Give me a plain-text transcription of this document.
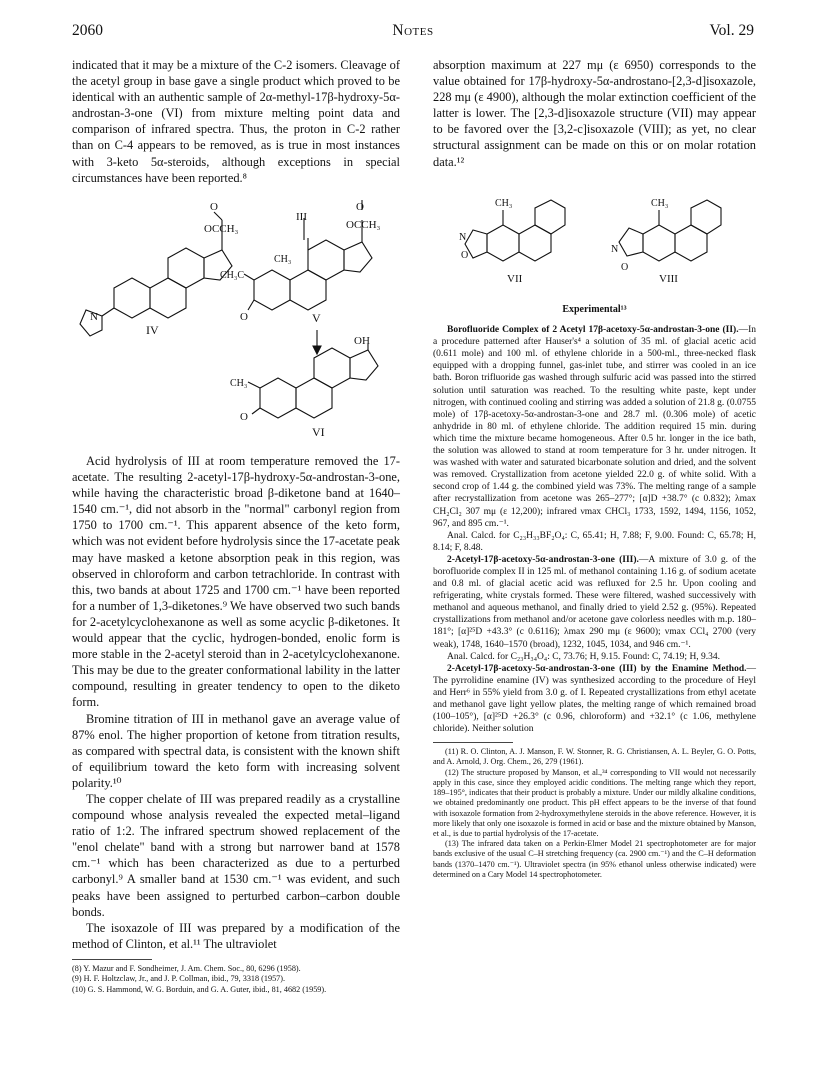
2060	Notes	Vol. 29

indicated that it may be a mixture of the C-2 isomers. Cleavage of the acetyl group in base gave a single product which proved to be identical with an authentic sample of 2α-methyl-17β-hydroxy-5α-androstan-3-one (VI) from mixture melting point data and comparison of infrared spectra. Thus, the proton in C-2 rather than on C-4 appears to be removed, as is true in most instances with 3-keto 5α-steroids, although exceptions in special circumstances have been reported.⁸

N
O
OCCH₃
IV
III
O
OCCH₃
CH₃
CH₃C
O	V
OH
CH₃
O
VI

Acid hydrolysis of III at room temperature removed the 17-acetate. The resulting 2-acetyl-17β-hydroxy-5α-androstan-3-one, while having the characteristic broad β-diketone band at 1640–1540 cm.⁻¹, did not absorb in the "normal" carbonyl region from 1750 to 1700 cm.⁻¹. This apparent absence of the keto form, which was not evident before hydrolysis since the 17-acetate peak may have masked a ketone absorption peak in this region, was observed in chloroform and carbon tetrachloride. In contrast with this, two bands at about 1725 and 1700 cm.⁻¹ have been reported for a number of 1,3-diketones.⁹ We have observed two such bands for 2-acetylcyclohexanone as well as some acyclic β-diketones. It would appear that the cyclic, hydrogen-bonded, enolic form is more stable in the 2-acetyl steroid than in 2-acetylcyclohexanone. This may be due to the greater conformational lability in the latter compound, resulting in greater tendency to open to the diketo form.

Bromine titration of III in methanol gave an average value of 87% enol. The higher proportion of ketone from titration results, as compared with spectral data, is consistent with the known shift of equilibrium toward the keto form with increasing solvent polarity.¹⁰

The copper chelate of III was prepared readily as a crystalline compound whose analysis revealed the expected metal–ligand ratio of 1:2. The infrared spectrum showed replacement of the "enol chelate" band with a strong but narrower band at 1578 cm.⁻¹ which has been characterized as due to a perturbed carbonyl.⁹ A smaller band at 1530 cm.⁻¹ was evident, and such peaks have been assigned to perturbed carbon–carbon double bonds.

The isoxazole of III was prepared by a modification of the method of Clinton, et al.¹¹ The ultraviolet

(8) Y. Mazur and F. Sondheimer, J. Am. Chem. Soc., 80, 6296 (1958).

(9) H. F. Holtzclaw, Jr., and J. P. Collman, ibid., 79, 3318 (1957).

(10) G. S. Hammond, W. G. Borduin, and G. A. Guter, ibid., 81, 4682 (1959).

absorption maximum at 227 mμ (ε 6950) corresponds to the value obtained for 17β-hydroxy-5α-androstano-[2,3-d]isoxazole, 228 mμ (ε 4900), although the molar extinction coefficient of the latter is lower. The [2,3-d]isoxazole structure (VII) may appear to be favored over the [3,2-c]isoxazole (VIII); as yet, no clear structural assignment can be made on this or on molar rotation data.¹²

CH₃
N
O
VII
CH₃
N
O
VIII
Experimental¹³

Borofluoride Complex of 2 Acetyl 17β-acetoxy-5α-androstan-3-one (II).—In a procedure patterned after Hauser's⁴ a solution of 35 ml. of glacial acetic acid (0.611 mole) and 100 ml. of ethylene chloride in a 500-ml., three-necked flask equipped with a dropping funnel, gas-inlet tube, and stirrer was cooled in an ice bath. Boron trifluoride gas washed through sulfuric acid was passed into the stirred solution until saturation was reached. To the resulting white paste, kept under nitrogen, with continued cooling and stirring was added a solution of 21.8 g. (0.0755 mole) of 17β-acetoxy-5α-androstan-3-one and 28.7 ml. (0.306 mole) of acetic anhydride in 80 ml. of ethylene chloride. The addition required 15 min. during which time the mixture became homogeneous. After 0.5 hr. longer in the ice bath, the solution was allowed to stand at room temperature for 3 hr. under nitrogen. It was washed with water and saturated bicarbonate solution and dried, and the solvent was removed. Crystallization from acetone yielded 22.0 g. of white solid. With a second crop of 1.44 g. the combined yield was 73%. The melting range of a sample after recrystallization from acetone was 265–277°; [α]D +38.7° (c 0.832); λmax CH₂Cl₂ 307 mμ (ε 12,200); infrared νmax CHCl₃ 1733, 1592, 1494, 1156, 1052, 967, and 895 cm.⁻¹.

Anal. Calcd. for C₂₃H₃₃BF₂O₄: C, 65.41; H, 7.88; F, 9.00. Found: C, 65.78; H, 8.14; F, 8.48.

2-Acetyl-17β-acetoxy-5α-androstan-3-one (III).—A mixture of 3.0 g. of the borofluoride complex II in 125 ml. of methanol containing 1.16 g. of sodium acetate and 0.8 ml. of glacial acetic acid was refluxed for 2.5 hr. Upon cooling and refrigerating, white crystals formed. These were filtered, washed successively with methanol and aqueous methanol, and finally dried to yield 2.52 g. (95%). Repeated crystallizations from methanol and/or acetone gave colorless needles with m.p. 180–181°; [α]²⁵D +43.3° (c 0.6116); λmax 290 mμ (ε 9600); νmax CCl₄ 2700 (very weak), 1748, 1640–1570 (broad), 1232, 1045, 1034, and 946 cm.⁻¹.

Anal. Calcd. for C₂₃H₃₄O₄: C, 73.76; H, 9.15. Found: C, 74.19; H, 9.34.

2-Acetyl-17β-acetoxy-5α-androstan-3-one (III) by the Enamine Method.—The pyrrolidine enamine (IV) was synthesized according to the procedure of Heyl and Herr⁶ in 55% yield from 3.0 g. of I. Repeated crystallizations from ethyl acetate and methanol gave light yellow plates, the melting range of which remained broad (100–105°), [α]²⁵D +26.3° (c 0.96, chloroform) and +32.1° (c 1.06, methylene chloride). Neither solution

(11) R. O. Clinton, A. J. Manson, F. W. Stonner, R. G. Christiansen, A. L. Beyler, G. O. Potts, and A. Arnold, J. Org. Chem., 26, 279 (1961).

(12) The structure proposed by Manson, et al.,³⁴ corresponding to VII would not necessarily apply in this case, since they employed acidic conditions. The melting range which they report, 189–195°, indicates that their product is probably a mixture. Under our mildly alkaline conditions, we obtained predominantly one product. This pH effect appears to be the inverse of that found with isoxazole formation from 2-hydroxymethylene steroids in the above reference. However, it is more likely that only one isoxazole is formed in acid or base and the mixture obtained by Manson, et al., is due to partial hydrolysis of the 17-acetate.

(13) The infrared data taken on a Perkin-Elmer Model 21 spectrophotometer are for major bands exclusive of the usual C–H stretching frequency (ca. 2900 cm.⁻¹) and the C–H deformation bands (1370–1470 cm.⁻¹). Ultraviolet spectra (in 95% ethanol unless otherwise indicated) were determined on a Cary Model 14 spectrophotometer.
